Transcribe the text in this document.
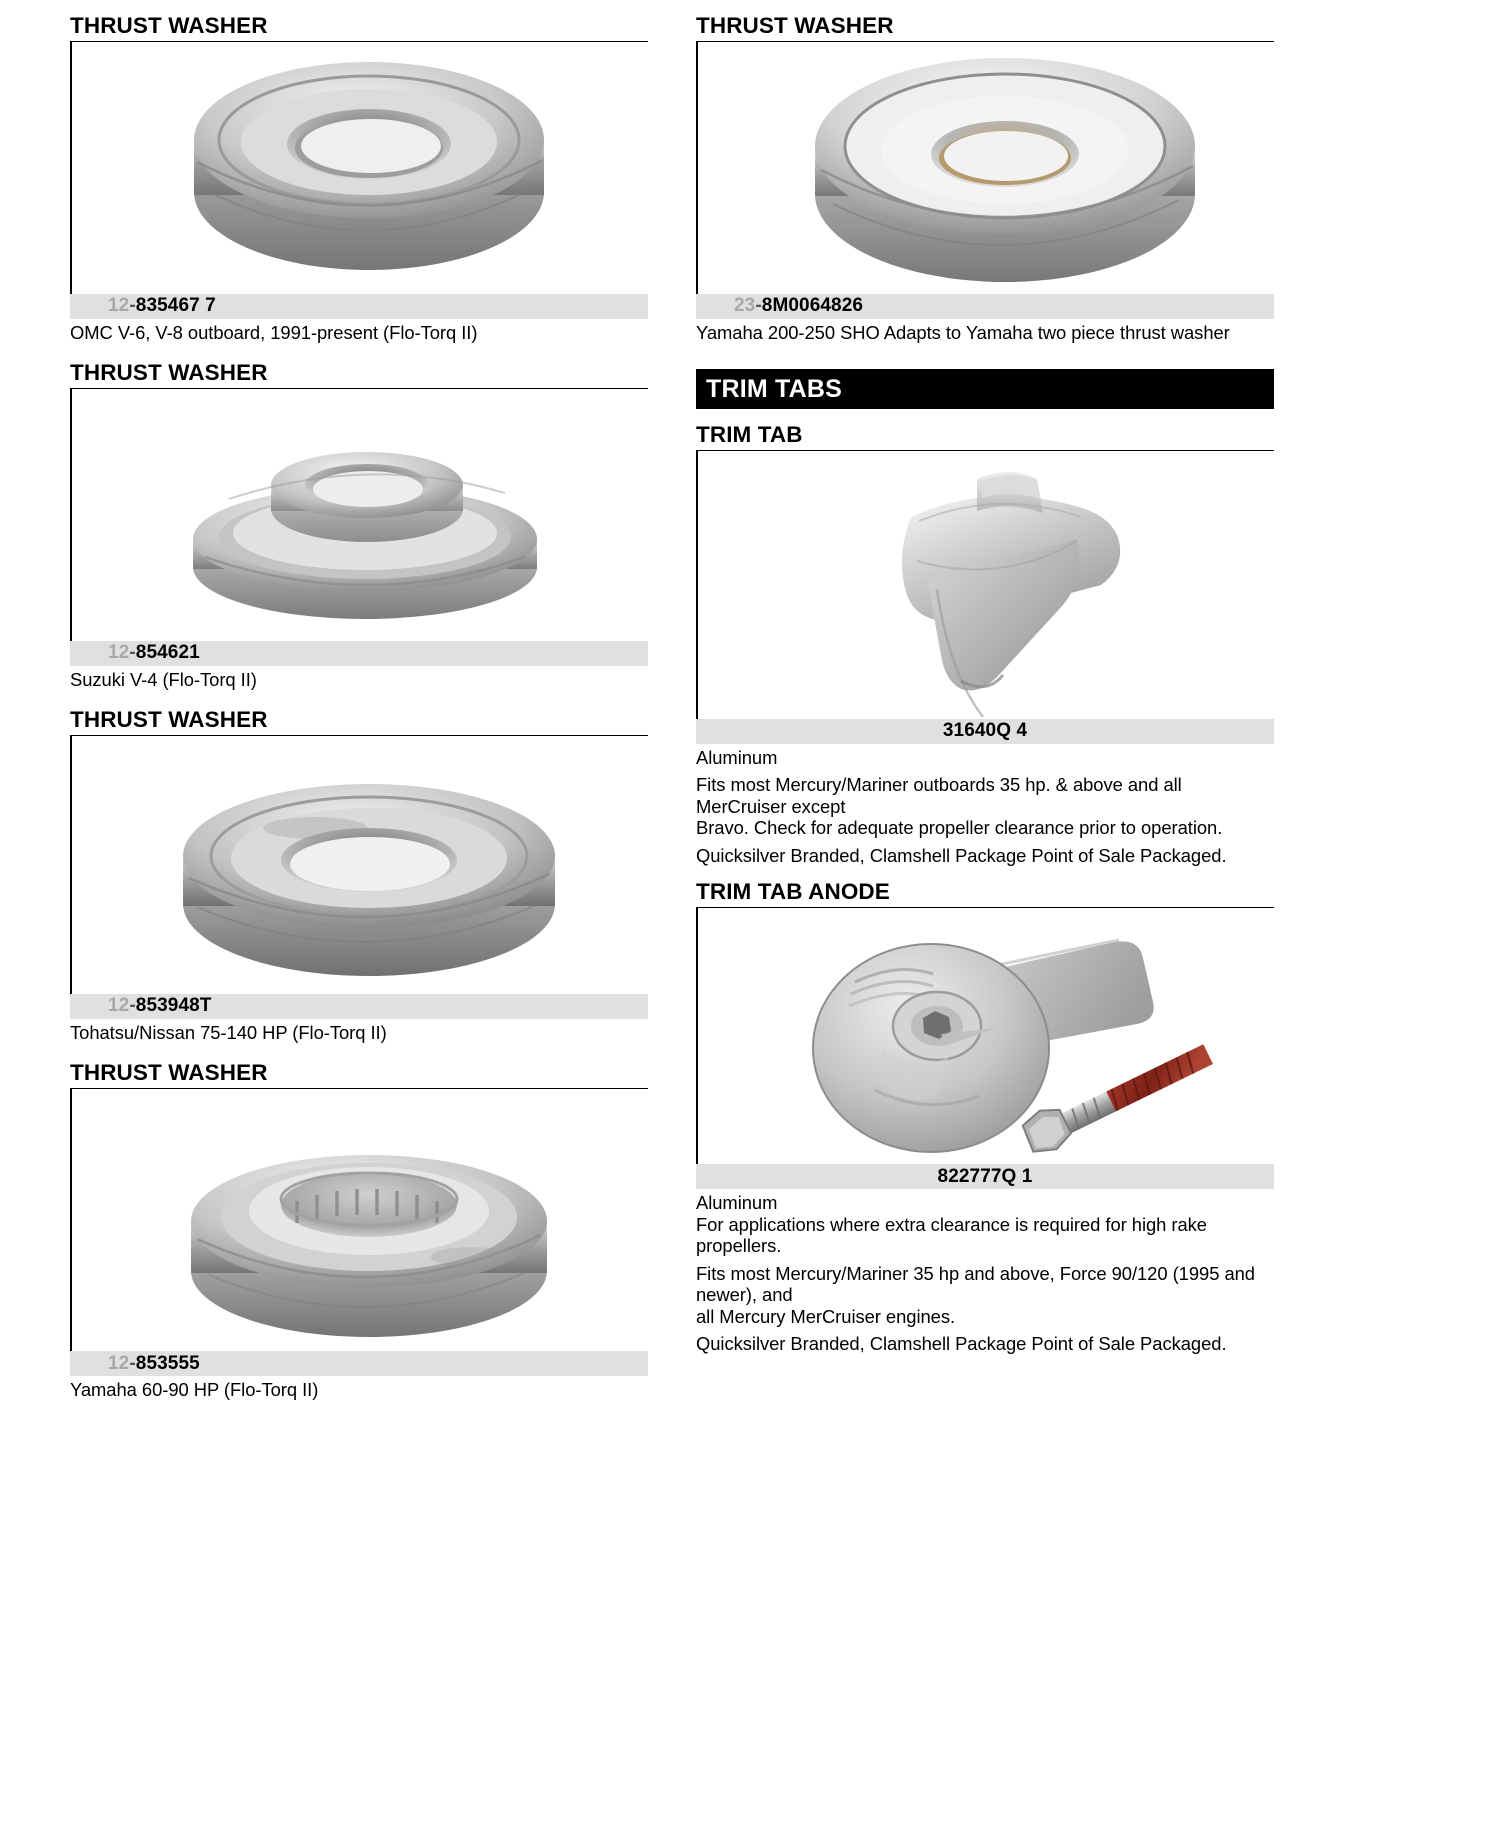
THRUST WASHER
12 - 835467 7

OMC V-6, V-8 outboard, 1991-present (Flo-Torq II)

THRUST WASHER
12 - 854621

Suzuki V-4 (Flo-Torq II)

THRUST WASHER
12 - 853948T

Tohatsu/Nissan 75-140 HP (Flo-Torq II)

THRUST WASHER
12 - 853555

Yamaha 60-90 HP (Flo-Torq II)

THRUST WASHER
23 - 8M0064826

Yamaha 200-250 SHO Adapts to Yamaha two piece thrust washer

TRIM TABS
TRIM TAB
31640Q 4

Aluminum

Fits most Mercury/Mariner outboards 35 hp. & above and all MerCruiser except
Bravo. Check for adequate propeller clearance prior to operation.

Quicksilver Branded, Clamshell Package Point of Sale Packaged.

TRIM TAB ANODE
822777Q 1

Aluminum

For applications where extra clearance is required for high rake propellers.

Fits most Mercury/Mariner 35 hp and above, Force 90/120 (1995 and newer), and
all Mercury MerCruiser engines.

Quicksilver Branded, Clamshell Package Point of Sale Packaged.
